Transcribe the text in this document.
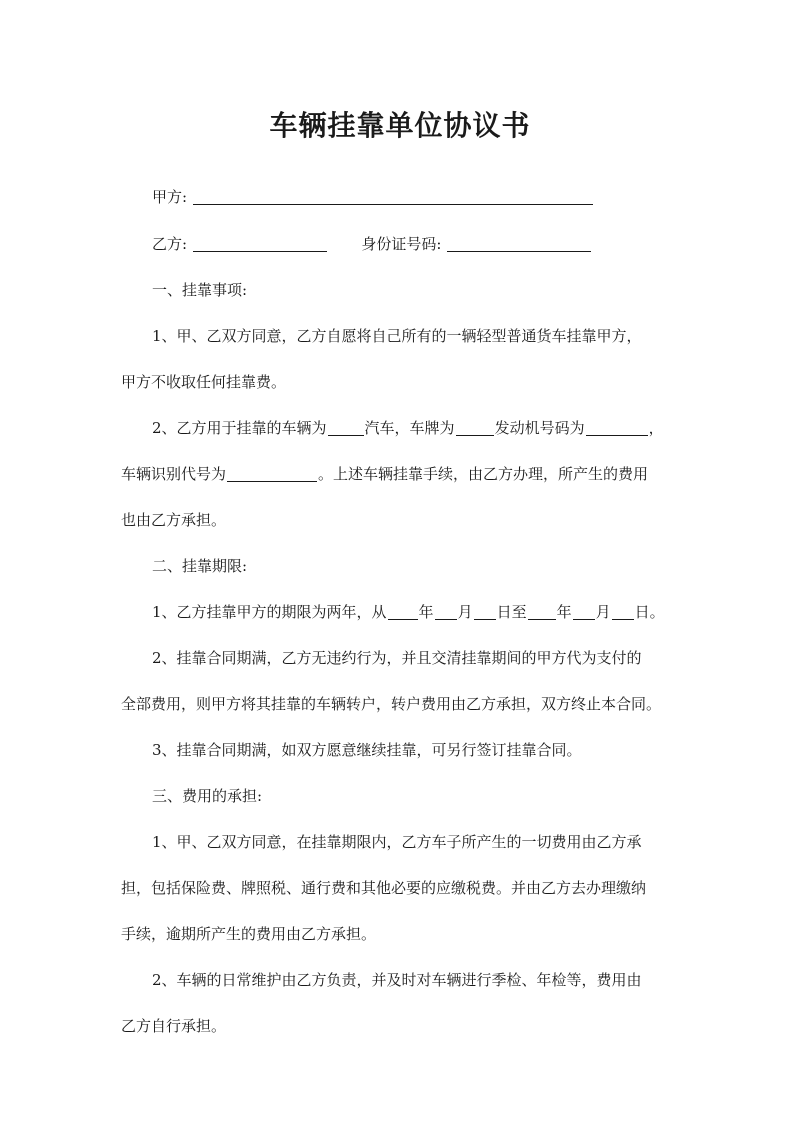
车辆挂靠单位协议书
甲方:
乙方:	身份证号码:
一、挂靠事项:
1、甲、乙双方同意，乙方自愿将自己所有的一辆轻型普通货车挂靠甲方，
甲方不收取任何挂靠费。
2、乙方用于挂靠的车辆为	汽车，车牌为	发动机号码为	，
车辆识别代号为	。上述车辆挂靠手续，由乙方办理，所产生的费用
也由乙方承担。
二、挂靠期限:
1、乙方挂靠甲方的期限为两年，从 年 月 日至 年 月 日。
2、挂靠合同期满，乙方无违约行为，并且交清挂靠期间的甲方代为支付的
全部费用，则甲方将其挂靠的车辆转户，转户费用由乙方承担，双方终止本合同。
3、挂靠合同期满，如双方愿意继续挂靠，可另行签订挂靠合同。
三、费用的承担:
1、甲、乙双方同意，在挂靠期限内，乙方车子所产生的一切费用由乙方承
担，包括保险费、牌照税、通行费和其他必要的应缴税费。并由乙方去办理缴纳
手续，逾期所产生的费用由乙方承担。
2、车辆的日常维护由乙方负责，并及时对车辆进行季检、年检等，费用由
乙方自行承担。
